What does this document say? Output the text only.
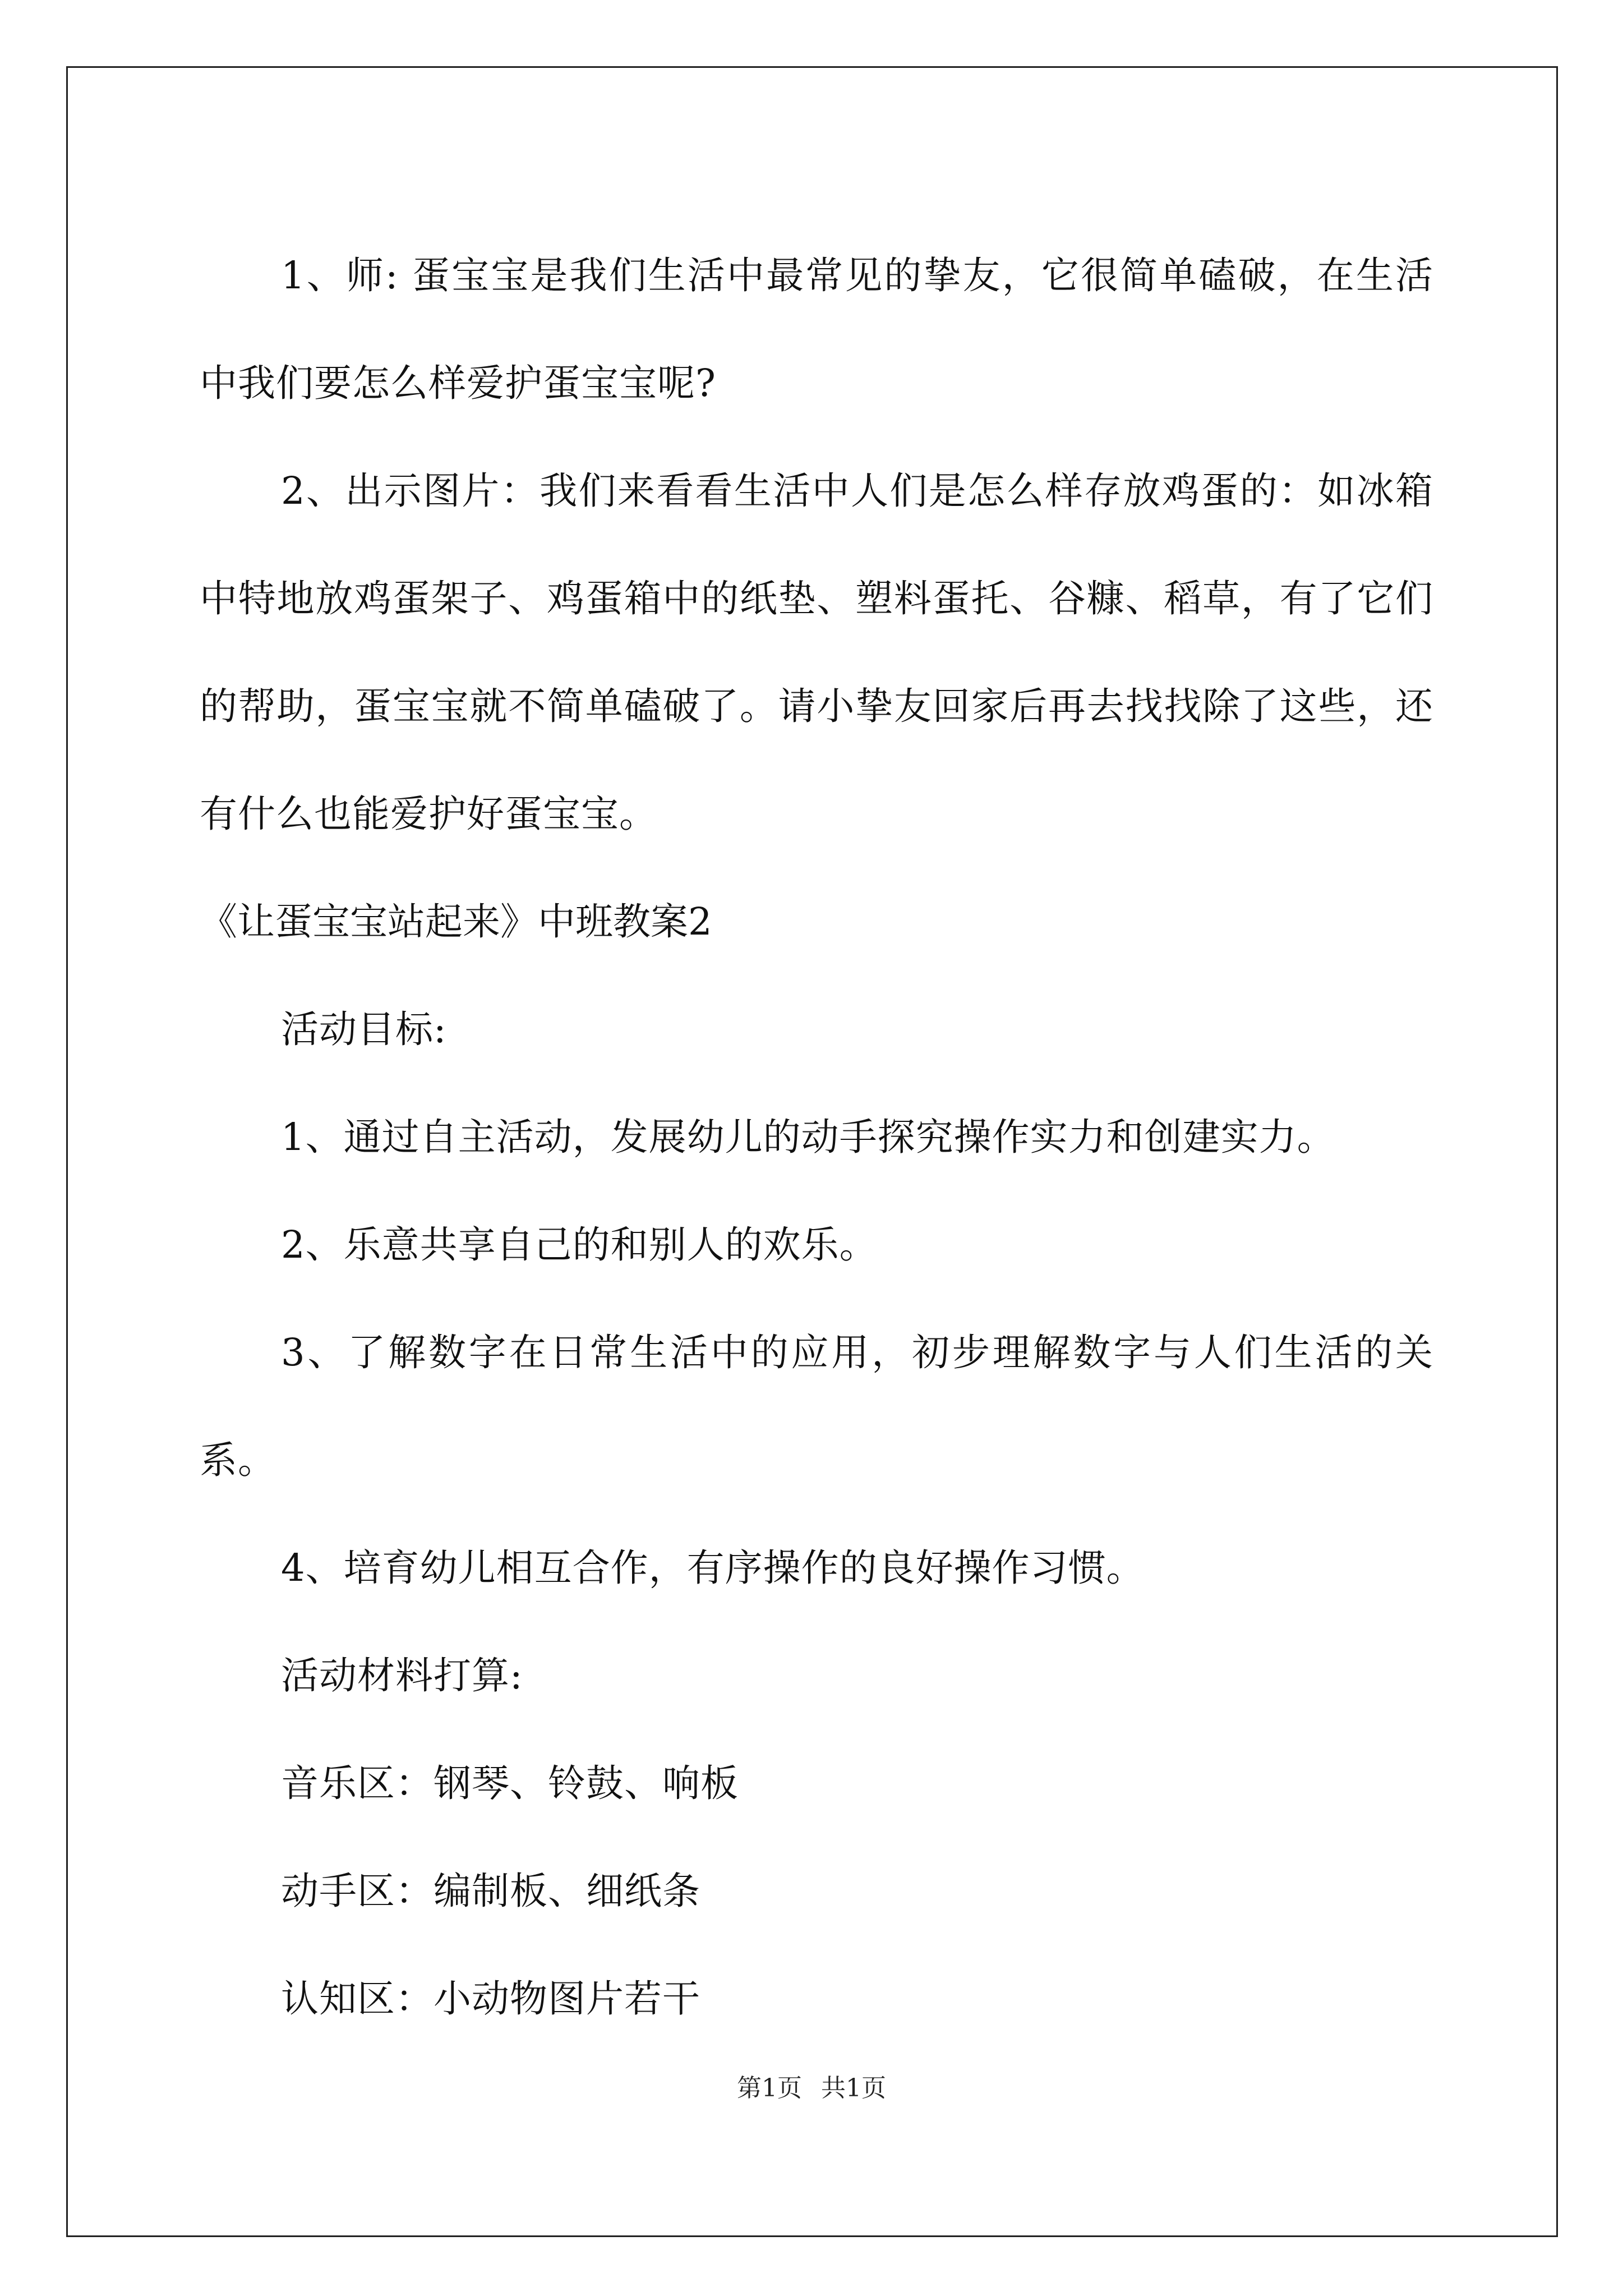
1、师: 蛋宝宝是我们生活中最常见的挚友，它很简单磕破，在生活中我们要怎么样爱护蛋宝宝呢?

2、出示图片：我们来看看生活中人们是怎么样存放鸡蛋的：如冰箱中特地放鸡蛋架子、鸡蛋箱中的纸垫、塑料蛋托、谷糠、稻草，有了它们的帮助，蛋宝宝就不简单磕破了。请小挚友回家后再去找找除了这些，还有什么也能爱护好蛋宝宝。

《让蛋宝宝站起来》中班教案2

活动目标:

1、通过自主活动，发展幼儿的动手探究操作实力和创建实力。

2、乐意共享自己的和别人的欢乐。

3、了解数字在日常生活中的应用，初步理解数字与人们生活的关系。

4、培育幼儿相互合作，有序操作的良好操作习惯。

活动材料打算:

音乐区：钢琴、铃鼓、响板

动手区：编制板、细纸条

认知区：小动物图片若干

第1页 共1页
